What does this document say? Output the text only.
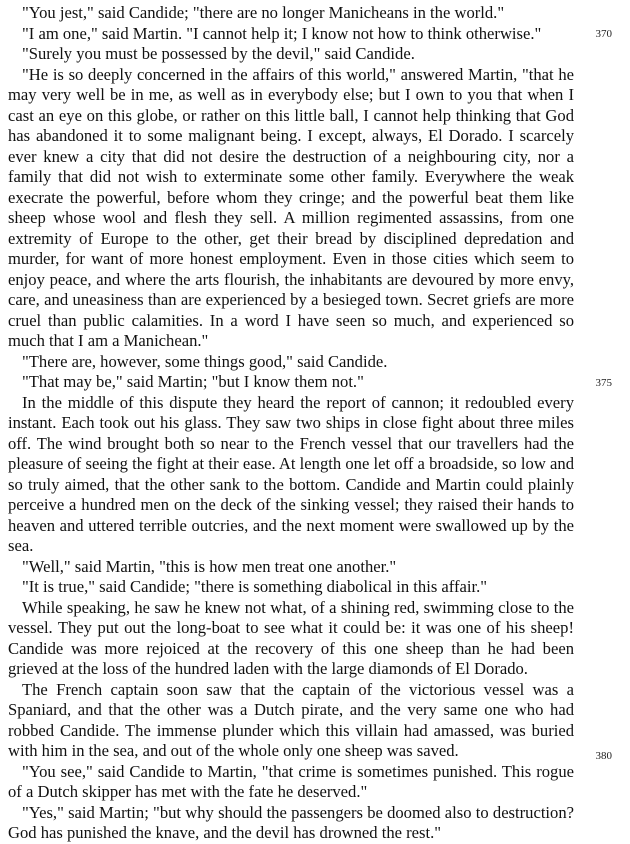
"You jest," said Candide; "there are no longer Manicheans in the world."

"I am one," said Martin. "I cannot help it; I know not how to think otherwise."

"Surely you must be possessed by the devil," said Candide.

"He is so deeply concerned in the affairs of this world," answered Martin, "that he may very well be in me, as well as in everybody else; but I own to you that when I cast an eye on this globe, or rather on this little ball, I cannot help thinking that God has abandoned it to some malignant being. I except, always, El Dorado. I scarcely ever knew a city that did not desire the destruction of a neighbouring city, nor a family that did not wish to exterminate some other family. Everywhere the weak execrate the powerful, before whom they cringe; and the powerful beat them like sheep whose wool and flesh they sell. A million regimented assassins, from one extremity of Europe to the other, get their bread by disciplined depredation and murder, for want of more honest employment. Even in those cities which seem to enjoy peace, and where the arts flourish, the inhabitants are devoured by more envy, care, and uneasiness than are experienced by a besieged town. Secret griefs are more cruel than public calamities. In a word I have seen so much, and experienced so much that I am a Manichean."

"There are, however, some things good," said Candide.

"That may be," said Martin; "but I know them not."

In the middle of this dispute they heard the report of cannon; it redoubled every instant. Each took out his glass. They saw two ships in close fight about three miles off. The wind brought both so near to the French vessel that our travellers had the pleasure of seeing the fight at their ease. At length one let off a broadside, so low and so truly aimed, that the other sank to the bottom. Candide and Martin could plainly perceive a hundred men on the deck of the sinking vessel; they raised their hands to heaven and uttered terrible outcries, and the next moment were swallowed up by the sea.

"Well," said Martin, "this is how men treat one another."

"It is true," said Candide; "there is something diabolical in this affair."

While speaking, he saw he knew not what, of a shining red, swimming close to the vessel. They put out the long-boat to see what it could be: it was one of his sheep! Candide was more rejoiced at the recovery of this one sheep than he had been grieved at the loss of the hundred laden with the large diamonds of El Dorado.

The French captain soon saw that the captain of the victorious vessel was a Spaniard, and that the other was a Dutch pirate, and the very same one who had robbed Candide. The immense plunder which this villain had amassed, was buried with him in the sea, and out of the whole only one sheep was saved.

"You see," said Candide to Martin, "that crime is sometimes punished. This rogue of a Dutch skipper has met with the fate he deserved."

"Yes," said Martin; "but why should the passengers be doomed also to destruction? God has punished the knave, and the devil has drowned the rest."

370
375
380
